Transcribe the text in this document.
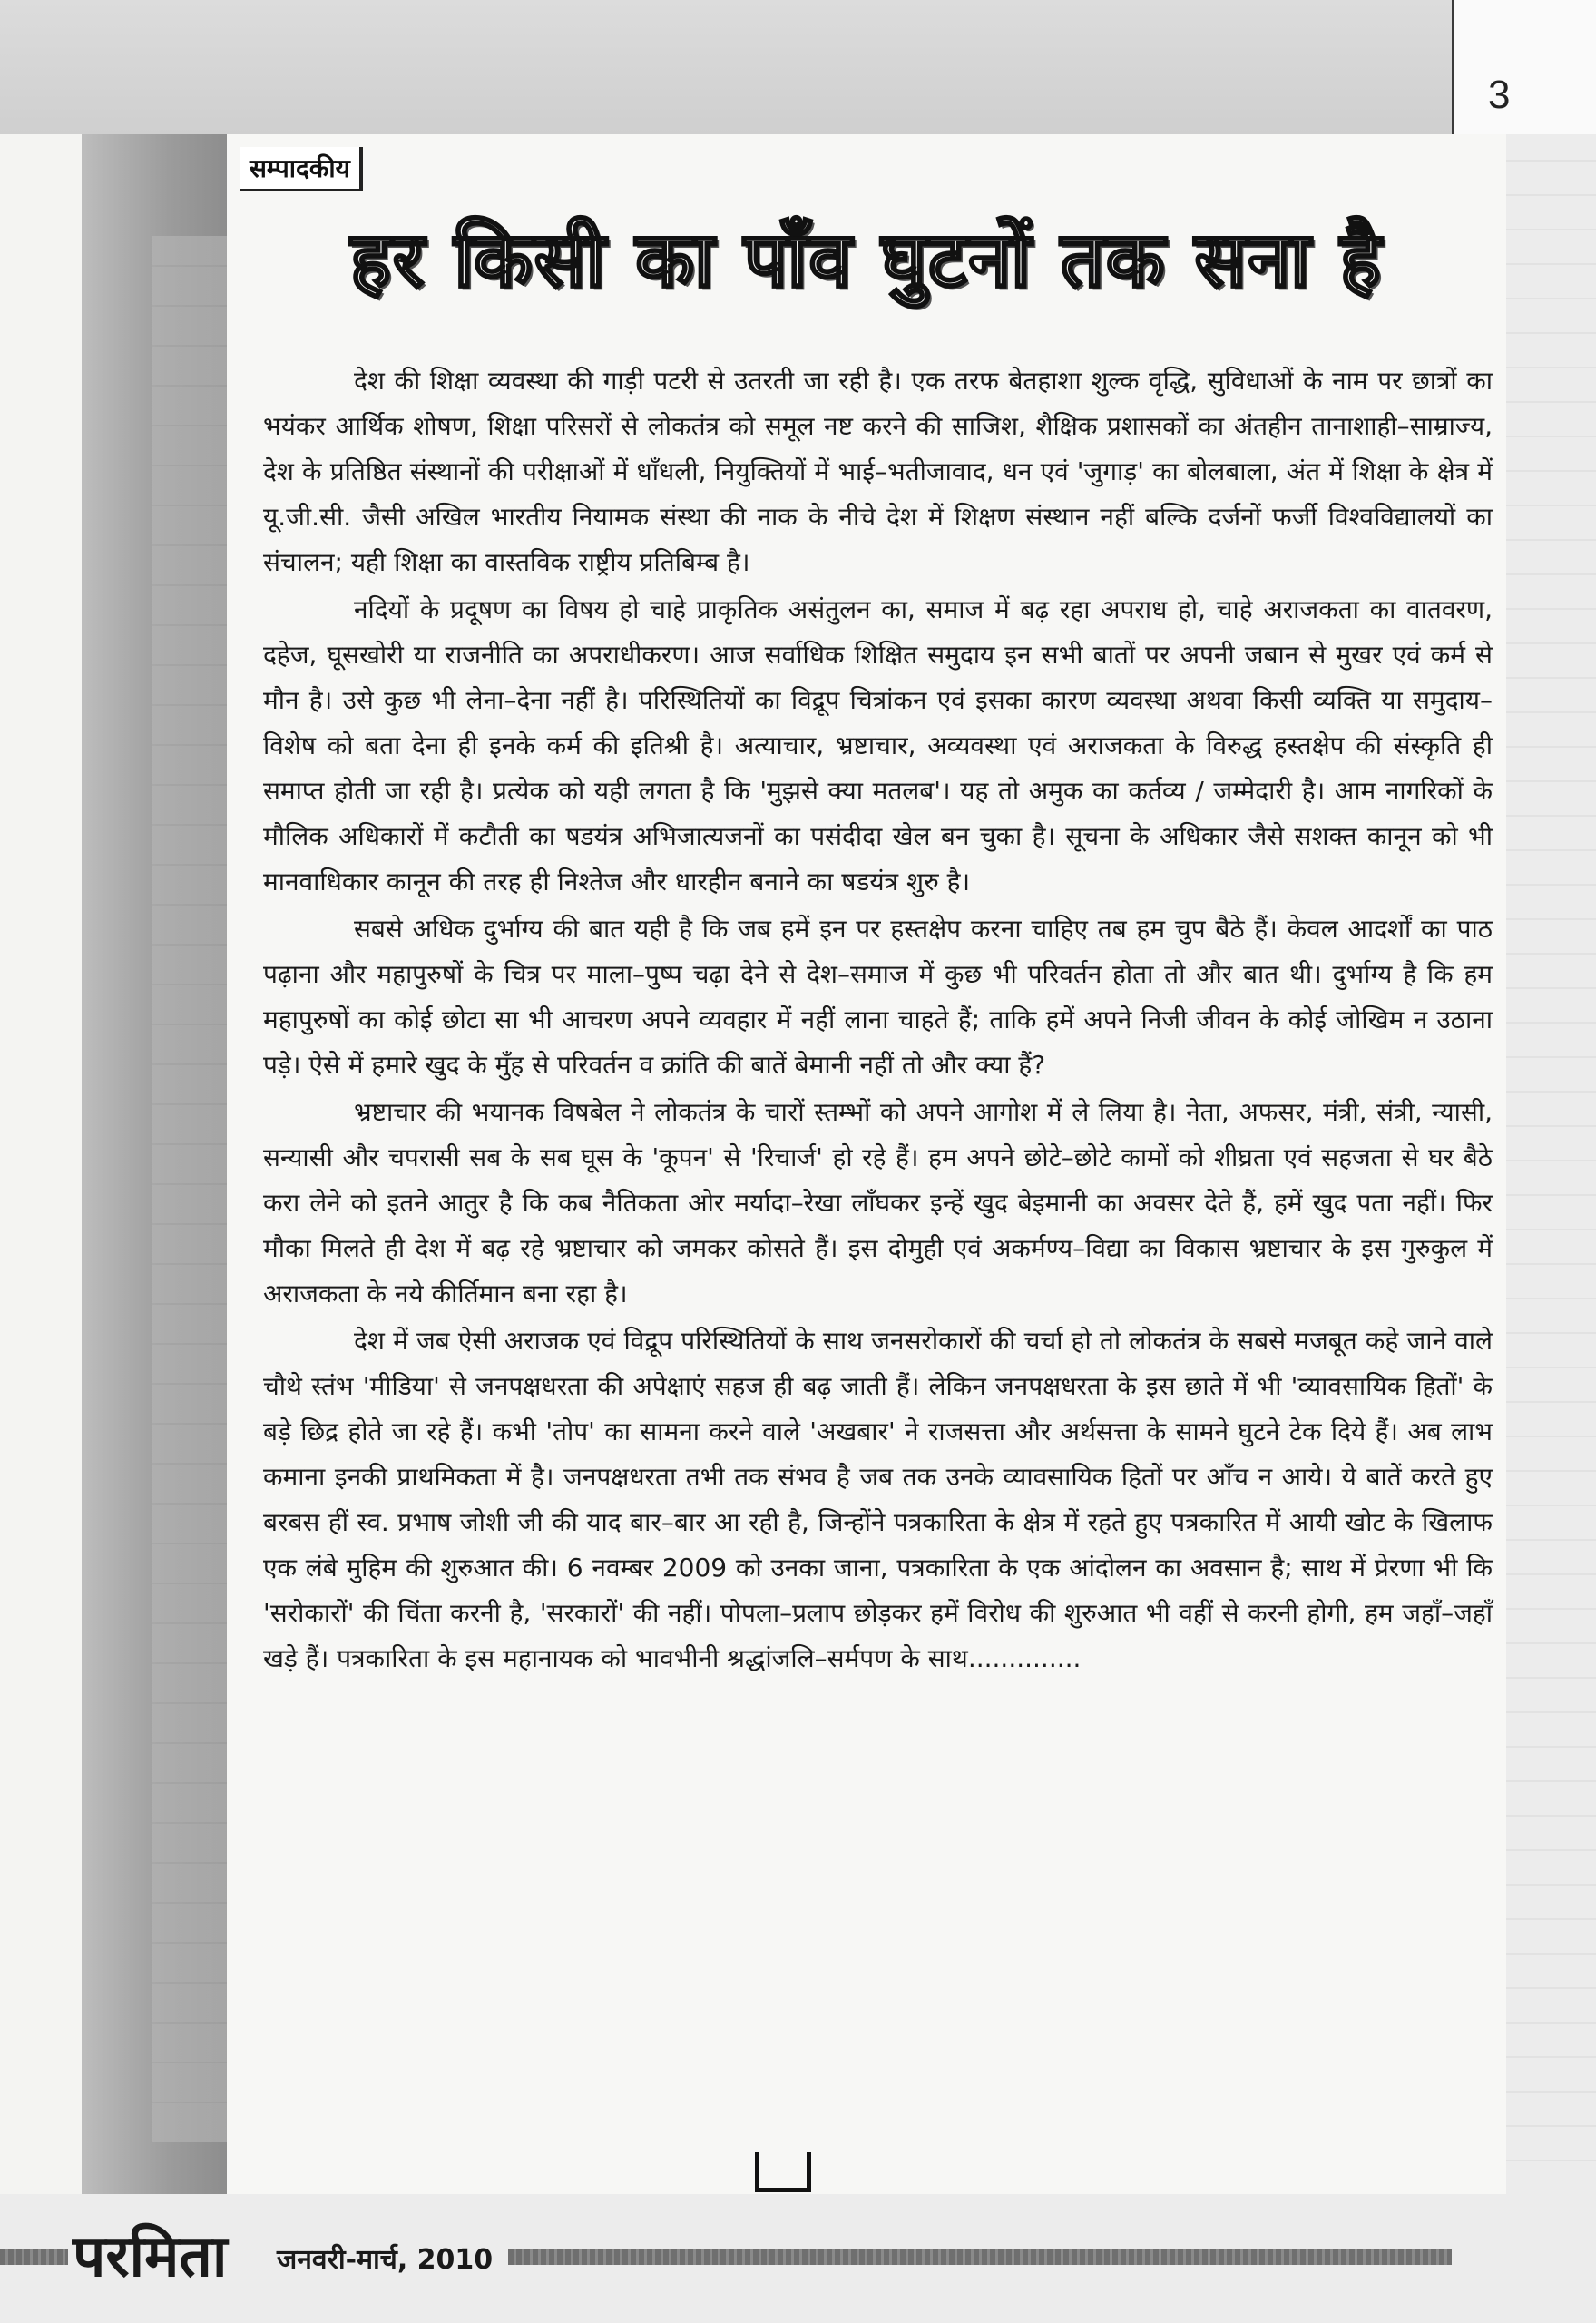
3
सम्पादकीय
हर किसी का पाँव घुटनों तक सना है

देश की शिक्षा व्यवस्था की गाड़ी पटरी से उतरती जा रही है। एक तरफ बेतहाशा शुल्क वृद्धि, सुविधाओं के नाम पर छात्रों का भयंकर आर्थिक शोषण, शिक्षा परिसरों से लोकतंत्र को समूल नष्ट करने की साजिश, शैक्षिक प्रशासकों का अंतहीन तानाशाही–साम्राज्य, देश के प्रतिष्ठित संस्थानों की परीक्षाओं में धाँधली, नियुक्तियों में भाई–भतीजावाद, धन एवं 'जुगाड़' का बोलबाला, अंत में शिक्षा के क्षेत्र में यू.जी.सी. जैसी अखिल भारतीय नियामक संस्था की नाक के नीचे देश में शिक्षण संस्थान नहीं बल्कि दर्जनों फर्जी विश्वविद्यालयों का संचालन; यही शिक्षा का वास्तविक राष्ट्रीय प्रतिबिम्ब है।

नदियों के प्रदूषण का विषय हो चाहे प्राकृतिक असंतुलन का, समाज में बढ़ रहा अपराध हो, चाहे अराजकता का वातवरण, दहेज, घूसखोरी या राजनीति का अपराधीकरण। आज सर्वाधिक शिक्षित समुदाय इन सभी बातों पर अपनी जबान से मुखर एवं कर्म से मौन है। उसे कुछ भी लेना–देना नहीं है। परिस्थितियों का विद्रूप चित्रांकन एवं इसका कारण व्यवस्था अथवा किसी व्यक्ति या समुदाय–विशेष को बता देना ही इनके कर्म की इतिश्री है। अत्याचार, भ्रष्टाचार, अव्यवस्था एवं अराजकता के विरुद्ध हस्तक्षेप की संस्कृति ही समाप्त होती जा रही है। प्रत्येक को यही लगता है कि 'मुझसे क्या मतलब'। यह तो अमुक का कर्तव्य / जम्मेदारी है। आम नागरिकों के मौलिक अधिकारों में कटौती का षडयंत्र अभिजात्यजनों का पसंदीदा खेल बन चुका है। सूचना के अधिकार जैसे सशक्त कानून को भी मानवाधिकार कानून की तरह ही निश्तेज और धारहीन बनाने का षडयंत्र शुरु है।

सबसे अधिक दुर्भाग्य की बात यही है कि जब हमें इन पर हस्तक्षेप करना चाहिए तब हम चुप बैठे हैं। केवल आदर्शों का पाठ पढ़ाना और महापुरुषों के चित्र पर माला–पुष्प चढ़ा देने से देश–समाज में कुछ भी परिवर्तन होता तो और बात थी। दुर्भाग्य है कि हम महापुरुषों का कोई छोटा सा भी आचरण अपने व्यवहार में नहीं लाना चाहते हैं; ताकि हमें अपने निजी जीवन के कोई जोखिम न उठाना पड़े। ऐसे में हमारे खुद के मुँह से परिवर्तन व क्रांति की बातें बेमानी नहीं तो और क्या हैं?

भ्रष्टाचार की भयानक विषबेल ने लोकतंत्र के चारों स्तम्भों को अपने आगोश में ले लिया है। नेता, अफसर, मंत्री, संत्री, न्यासी, सन्यासी और चपरासी सब के सब घूस के 'कूपन' से 'रिचार्ज' हो रहे हैं। हम अपने छोटे–छोटे कामों को शीघ्रता एवं सहजता से घर बैठे करा लेने को इतने आतुर है कि कब नैतिकता ओर मर्यादा–रेखा लाँघकर इन्हें खुद बेइमानी का अवसर देते हैं, हमें खुद पता नहीं। फिर मौका मिलते ही देश में बढ़ रहे भ्रष्टाचार को जमकर कोसते हैं। इस दोमुही एवं अकर्मण्य–विद्या का विकास भ्रष्टाचार के इस गुरुकुल में अराजकता के नये कीर्तिमान बना रहा है।

देश में जब ऐसी अराजक एवं विद्रूप परिस्थितियों के साथ जनसरोकारों की चर्चा हो तो लोकतंत्र के सबसे मजबूत कहे जाने वाले चौथे स्तंभ 'मीडिया' से जनपक्षधरता की अपेक्षाएं सहज ही बढ़ जाती हैं। लेकिन जनपक्षधरता के इस छाते में भी 'व्यावसायिक हितों' के बड़े छिद्र होते जा रहे हैं। कभी 'तोप' का सामना करने वाले 'अखबार' ने राजसत्ता और अर्थसत्ता के सामने घुटने टेक दिये हैं। अब लाभ कमाना इनकी प्राथमिकता में है। जनपक्षधरता तभी तक संभव है जब तक उनके व्यावसायिक हितों पर आँच न आये। ये बातें करते हुए बरबस हीं स्व. प्रभाष जोशी जी की याद बार–बार आ रही है, जिन्होंने पत्रकारिता के क्षेत्र में रहते हुए पत्रकारित में आयी खोट के खिलाफ एक लंबे मुहिम की शुरुआत की। 6 नवम्बर 2009 को उनका जाना, पत्रकारिता के एक आंदोलन का अवसान है; साथ में प्रेरणा भी कि 'सरोकारों' की चिंता करनी है, 'सरकारों' की नहीं। पोपला–प्रलाप छोड़कर हमें विरोध की शुरुआत भी वहीं से करनी होगी, हम जहाँ–जहाँ खड़े हैं। पत्रकारिता के इस महानायक को भावभीनी श्रद्धांजलि–सर्मपण के साथ..............

परमिता जनवरी-मार्च, 2010
